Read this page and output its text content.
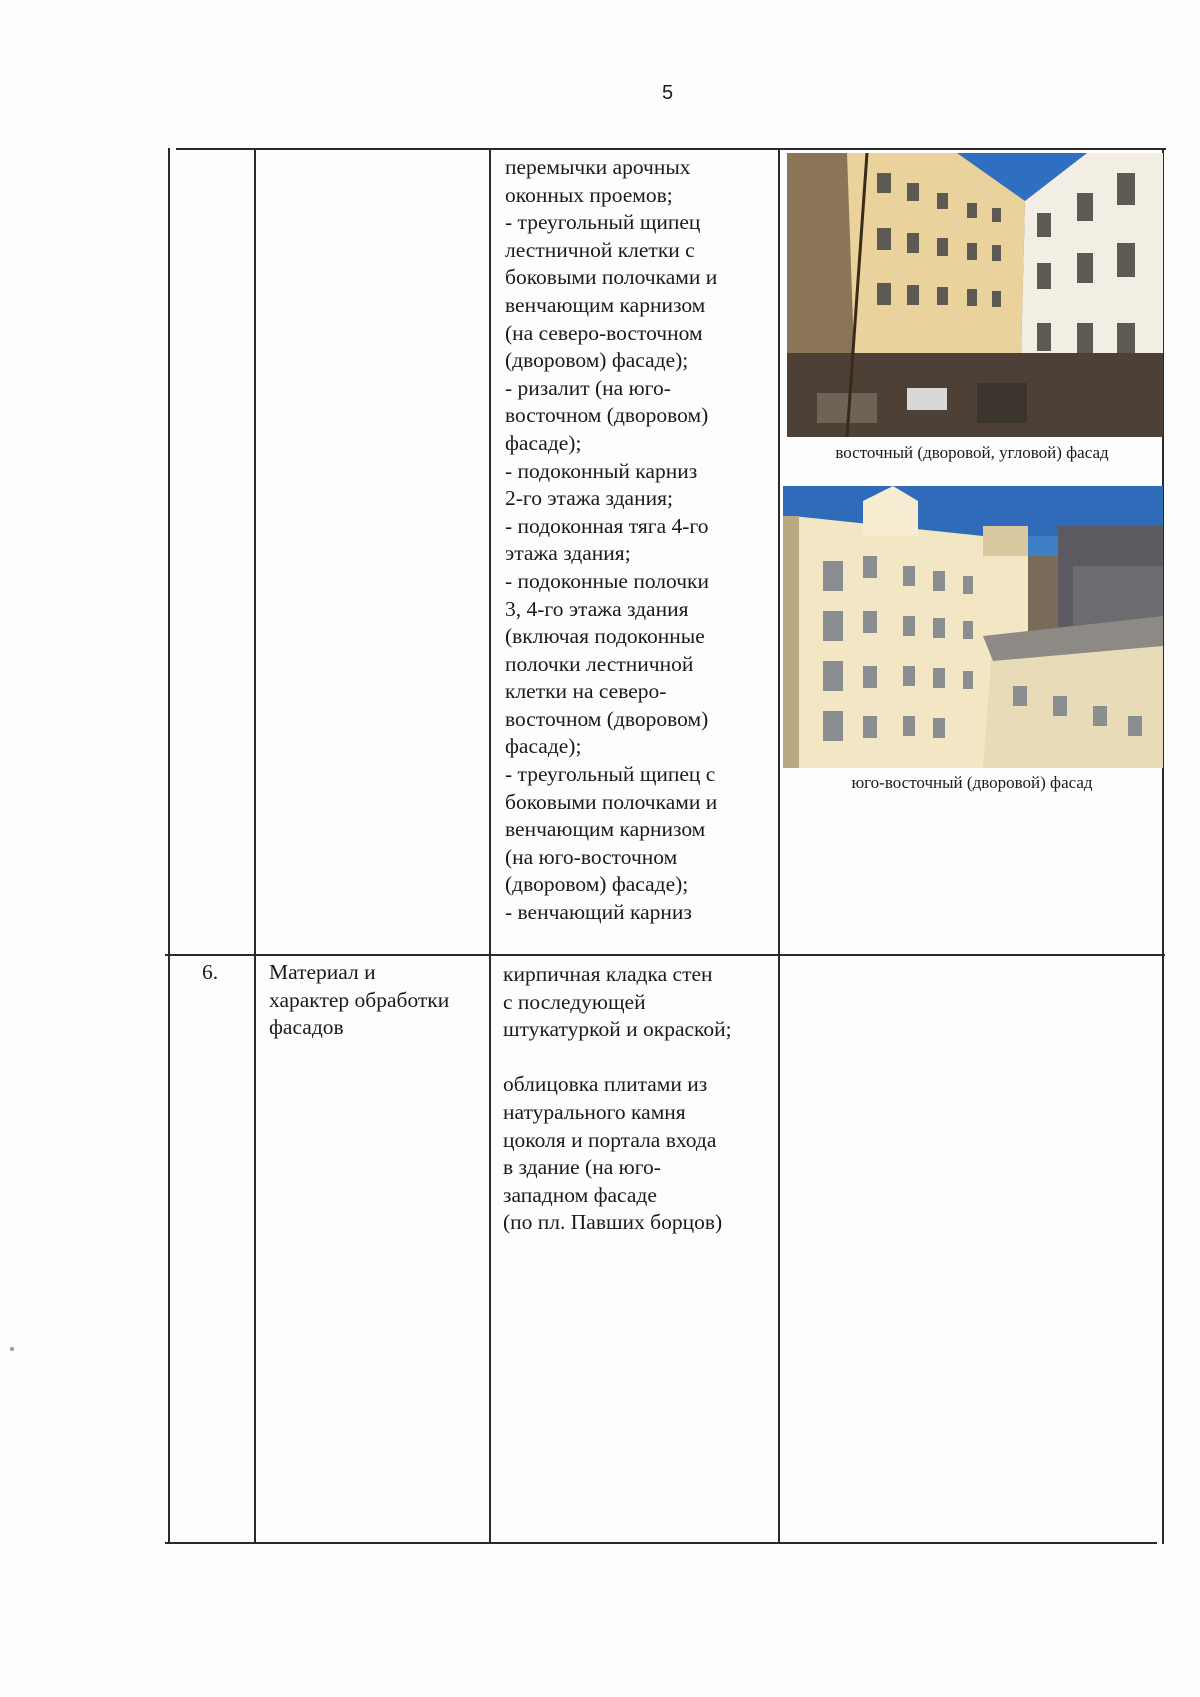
5
перемычки арочных
оконных проемов;
- треугольный щипец
лестничной клетки с
боковыми полочками и
венчающим карнизом
(на северо-восточном
(дворовом) фасаде);
- ризалит (на юго-
восточном (дворовом)
фасаде);
- подоконный карниз
2-го этажа здания;
- подоконная тяга 4-го
этажа здания;
- подоконные полочки
3, 4-го этажа здания
(включая подоконные
полочки лестничной
клетки на северо-
восточном (дворовом)
фасаде);
- треугольный щипец с
боковыми полочками и
венчающим карнизом
(на юго-восточном
(дворовом) фасаде);
- венчающий карниз
восточный (дворовой, угловой) фасад
юго-восточный (дворовой) фасад
6.	Материал и
характер обработки
фасадов
кирпичная кладка стен
с последующей
штукатуркой и окраской;

облицовка плитами из
натурального камня
цоколя и портала входа
в здание (на юго-
западном фасаде
(по пл. Павших борцов)
